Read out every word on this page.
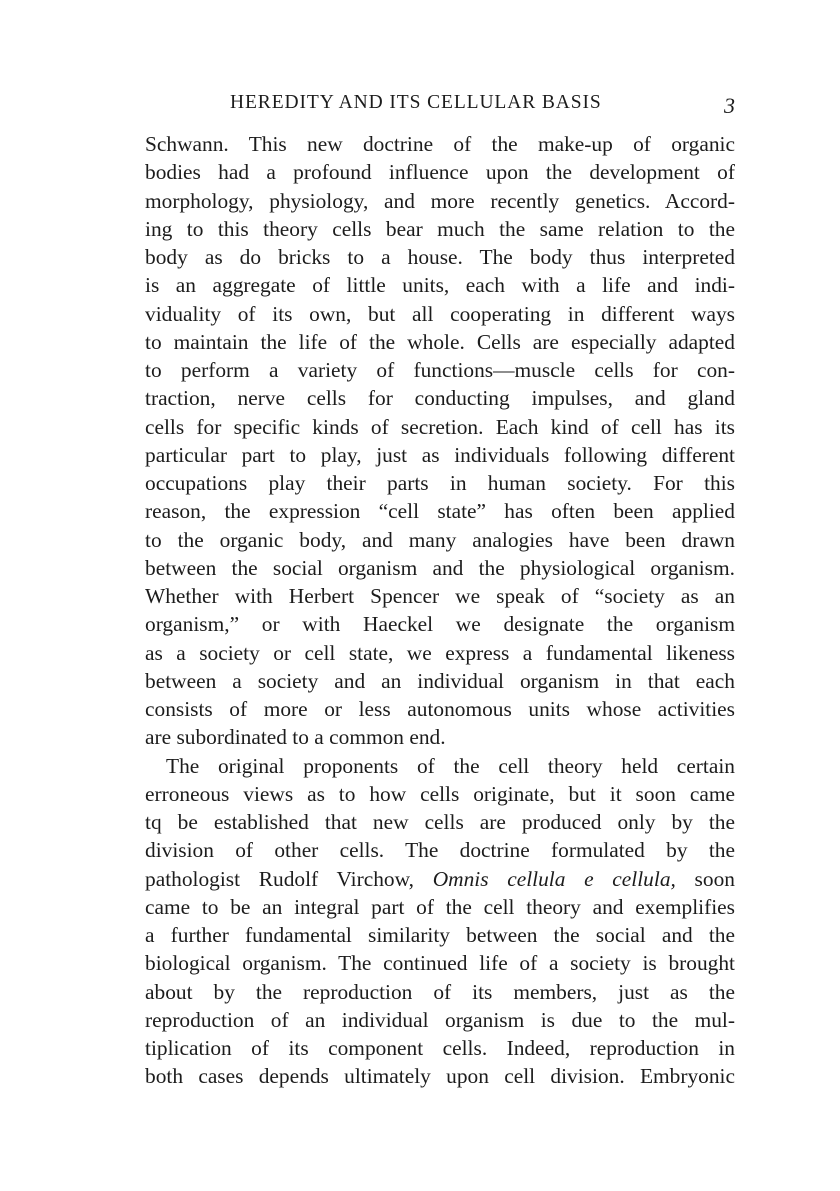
HEREDITY AND ITS CELLULAR BASIS	3
Schwann. This new doctrine of the make-up of organic
bodies had a profound influence upon the development of
morphology, physiology, and more recently genetics. Accord-
ing to this theory cells bear much the same relation to the
body as do bricks to a house. The body thus interpreted
is an aggregate of little units, each with a life and indi-
viduality of its own, but all cooperating in different ways
to maintain the life of the whole. Cells are especially adapted
to perform a variety of functions—muscle cells for con-
traction, nerve cells for conducting impulses, and gland
cells for specific kinds of secretion. Each kind of cell has its
particular part to play, just as individuals following different
occupations play their parts in human society. For this
reason, the expression “cell state” has often been applied
to the organic body, and many analogies have been drawn
between the social organism and the physiological organism.
Whether with Herbert Spencer we speak of “society as an
organism,” or with Haeckel we designate the organism
as a society or cell state, we express a fundamental likeness
between a society and an individual organism in that each
consists of more or less autonomous units whose activities
are subordinated to a common end.
The original proponents of the cell theory held certain
erroneous views as to how cells originate, but it soon came
tq be established that new cells are produced only by the
division of other cells. The doctrine formulated by the
pathologist Rudolf Virchow, Omnis cellula e cellula, soon
came to be an integral part of the cell theory and exemplifies
a further fundamental similarity between the social and the
biological organism. The continued life of a society is brought
about by the reproduction of its members, just as the
reproduction of an individual organism is due to the mul-
tiplication of its component cells. Indeed, reproduction in
both cases depends ultimately upon cell division. Embryonic
